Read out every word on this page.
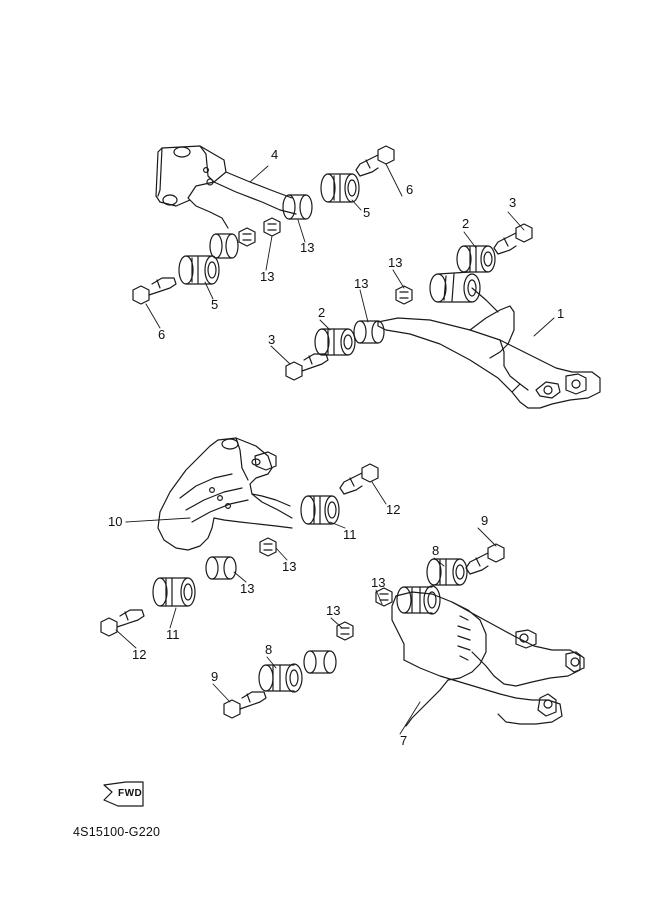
FWD
4
6
5
3
2
13
13	13
13
1
5
6
2
3
10
12
11
13
13
9
8
13
13
11
12	8
9
7
4S15100-G220
